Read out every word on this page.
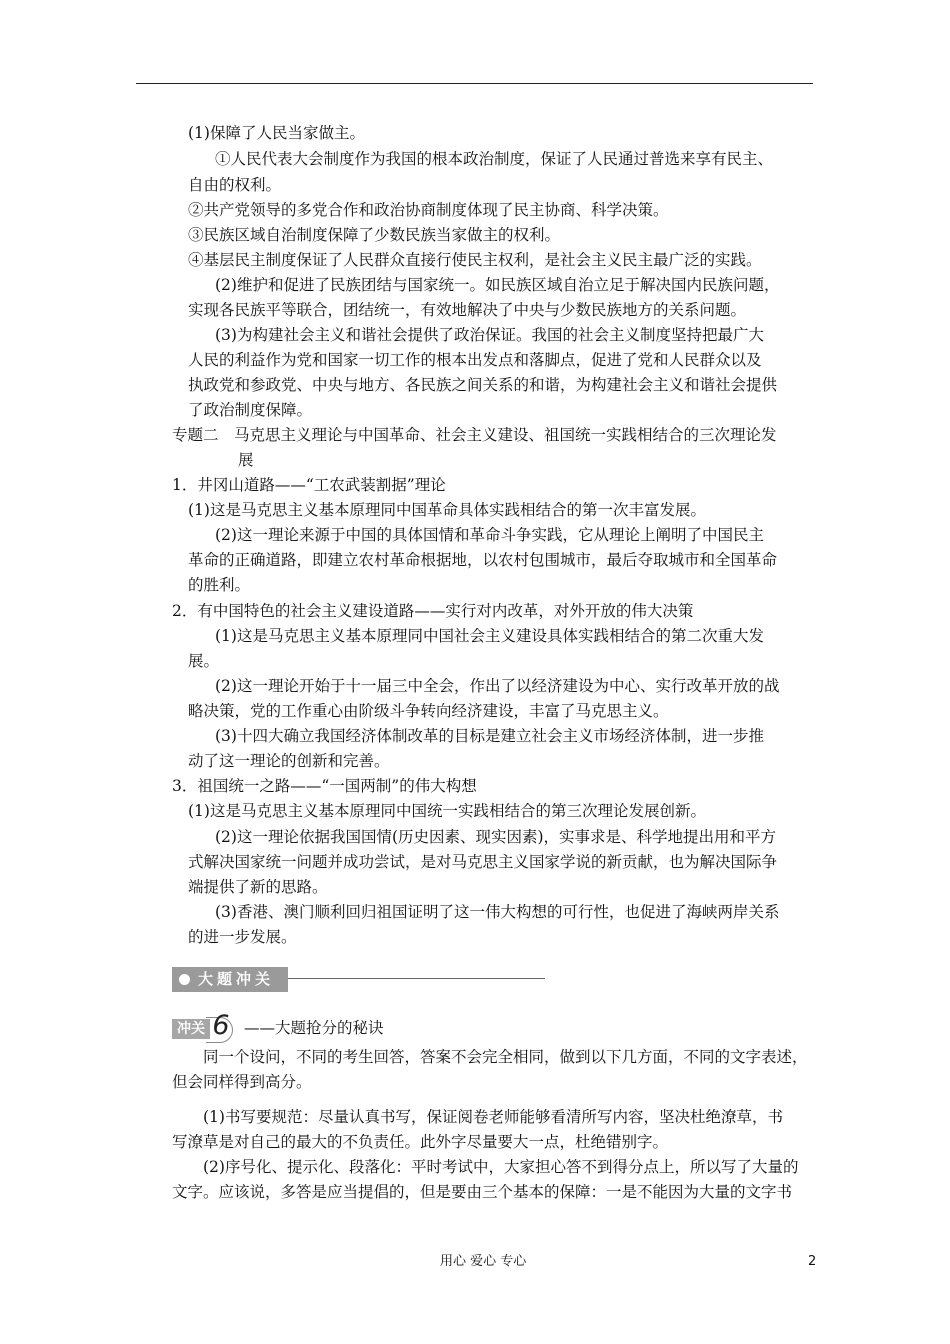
(1)保障了人民当家做主。

①人民代表大会制度作为我国的根本政治制度，保证了人民通过普选来享有民主、

自由的权利。

②共产党领导的多党合作和政治协商制度体现了民主协商、科学决策。

③民族区域自治制度保障了少数民族当家做主的权利。

④基层民主制度保证了人民群众直接行使民主权利，是社会主义民主最广泛的实践。

(2)维护和促进了民族团结与国家统一。如民族区域自治立足于解决国内民族问题，

实现各民族平等联合，团结统一，有效地解决了中央与少数民族地方的关系问题。

(3)为构建社会主义和谐社会提供了政治保证。我国的社会主义制度坚持把最广大

人民的利益作为党和国家一切工作的根本出发点和落脚点，促进了党和人民群众以及

执政党和参政党、中央与地方、各民族之间关系的和谐，为构建社会主义和谐社会提供

了政治制度保障。

专题二　马克思主义理论与中国革命、社会主义建设、祖国统一实践相结合的三次理论发

展

1．井冈山道路——“工农武装割据”理论

(1)这是马克思主义基本原理同中国革命具体实践相结合的第一次丰富发展。

(2)这一理论来源于中国的具体国情和革命斗争实践，它从理论上阐明了中国民主

革命的正确道路，即建立农村革命根据地，以农村包围城市，最后夺取城市和全国革命

的胜利。

2．有中国特色的社会主义建设道路——实行对内改革，对外开放的伟大决策

(1)这是马克思主义基本原理同中国社会主义建设具体实践相结合的第二次重大发

展。

(2)这一理论开始于十一届三中全会，作出了以经济建设为中心、实行改革开放的战

略决策，党的工作重心由阶级斗争转向经济建设，丰富了马克思主义。

(3)十四大确立我国经济体制改革的目标是建立社会主义市场经济体制，进一步推

动了这一理论的创新和完善。

3．祖国统一之路——“一国两制”的伟大构想

(1)这是马克思主义基本原理同中国统一实践相结合的第三次理论发展创新。

(2)这一理论依据我国国情(历史因素、现实因素)，实事求是、科学地提出用和平方

式解决国家统一问题并成功尝试，是对马克思主义国家学说的新贡献，也为解决国际争

端提供了新的思路。

(3)香港、澳门顺利回归祖国证明了这一伟大构想的可行性，也促进了海峡两岸关系

的进一步发展。

大题冲关
冲关 6 ——大题抢分的秘诀

同一个设问，不同的考生回答，答案不会完全相同，做到以下几方面，不同的文字表述，

但会同样得到高分。

(1)书写要规范：尽量认真书写，保证阅卷老师能够看清所写内容，坚决杜绝潦草，书

写潦草是对自己的最大的不负责任。此外字尽量要大一点，杜绝错别字。

(2)序号化、提示化、段落化：平时考试中，大家担心答不到得分点上，所以写了大量的

文字。应该说，多答是应当提倡的，但是要由三个基本的保障：一是不能因为大量的文字书

用心 爱心 专心	2
